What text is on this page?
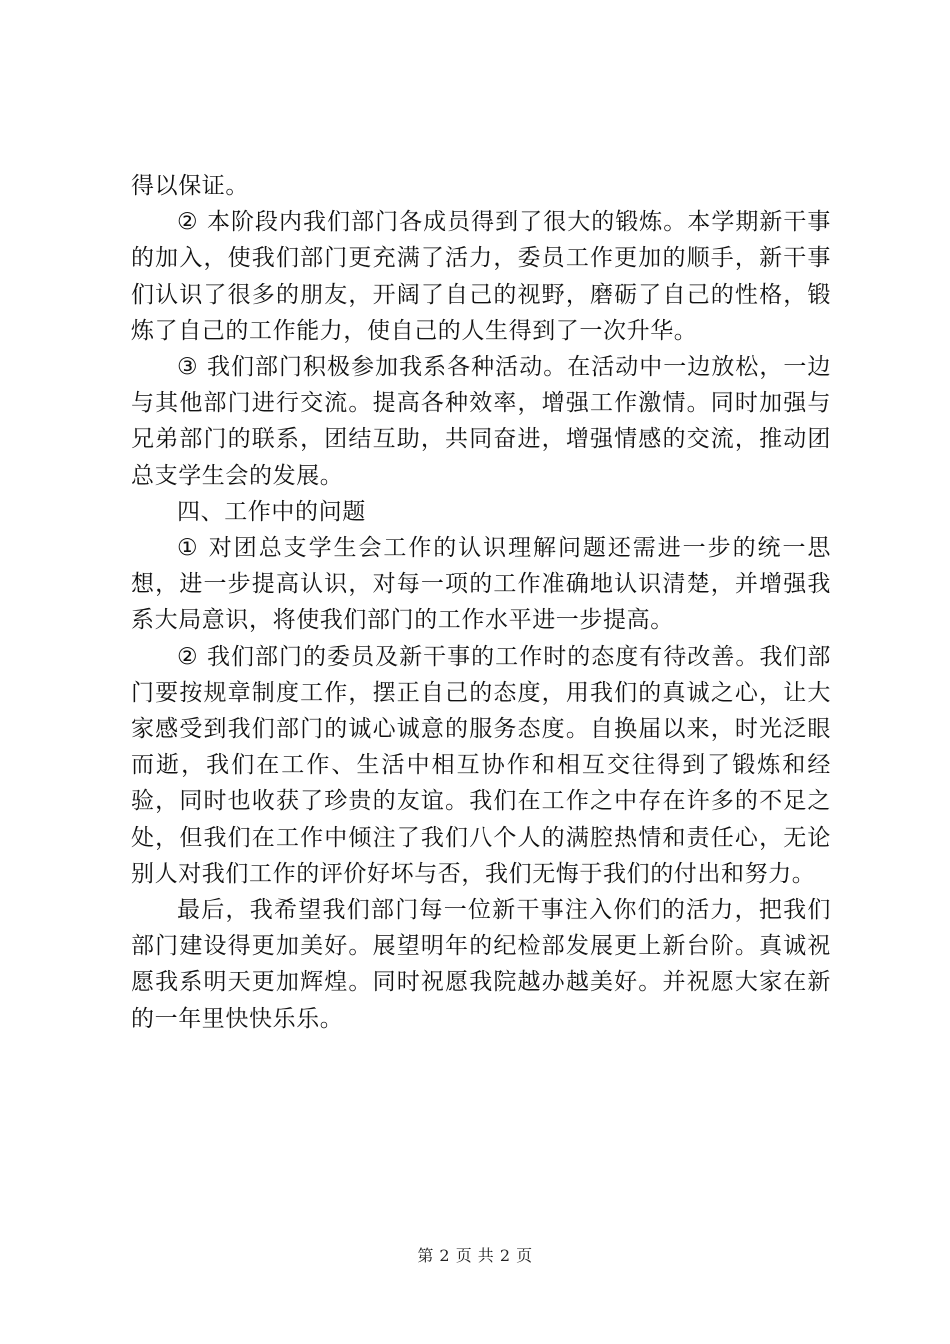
得以保证。

② 本阶段内我们部门各成员得到了很大的锻炼。本学期新干事的加入，使我们部门更充满了活力，委员工作更加的顺手，新干事们认识了很多的朋友，开阔了自己的视野，磨砺了自己的性格，锻炼了自己的工作能力，使自己的人生得到了一次升华。

③ 我们部门积极参加我系各种活动。在活动中一边放松，一边与其他部门进行交流。提高各种效率，增强工作激情。同时加强与兄弟部门的联系，团结互助，共同奋进，增强情感的交流，推动团总支学生会的发展。

四、工作中的问题

① 对团总支学生会工作的认识理解问题还需进一步的统一思想，进一步提高认识，对每一项的工作准确地认识清楚，并增强我系大局意识，将使我们部门的工作水平进一步提高。

② 我们部门的委员及新干事的工作时的态度有待改善。我们部门要按规章制度工作，摆正自己的态度，用我们的真诚之心，让大家感受到我们部门的诚心诚意的服务态度。自换届以来，时光泛眼而逝，我们在工作、生活中相互协作和相互交往得到了锻炼和经验，同时也收获了珍贵的友谊。我们在工作之中存在许多的不足之处，但我们在工作中倾注了我们八个人的满腔热情和责任心，无论别人对我们工作的评价好坏与否，我们无悔于我们的付出和努力。

最后，我希望我们部门每一位新干事注入你们的活力，把我们部门建设得更加美好。展望明年的纪检部发展更上新台阶。真诚祝愿我系明天更加辉煌。同时祝愿我院越办越美好。并祝愿大家在新的一年里快快乐乐。

第 2 页 共 2 页
